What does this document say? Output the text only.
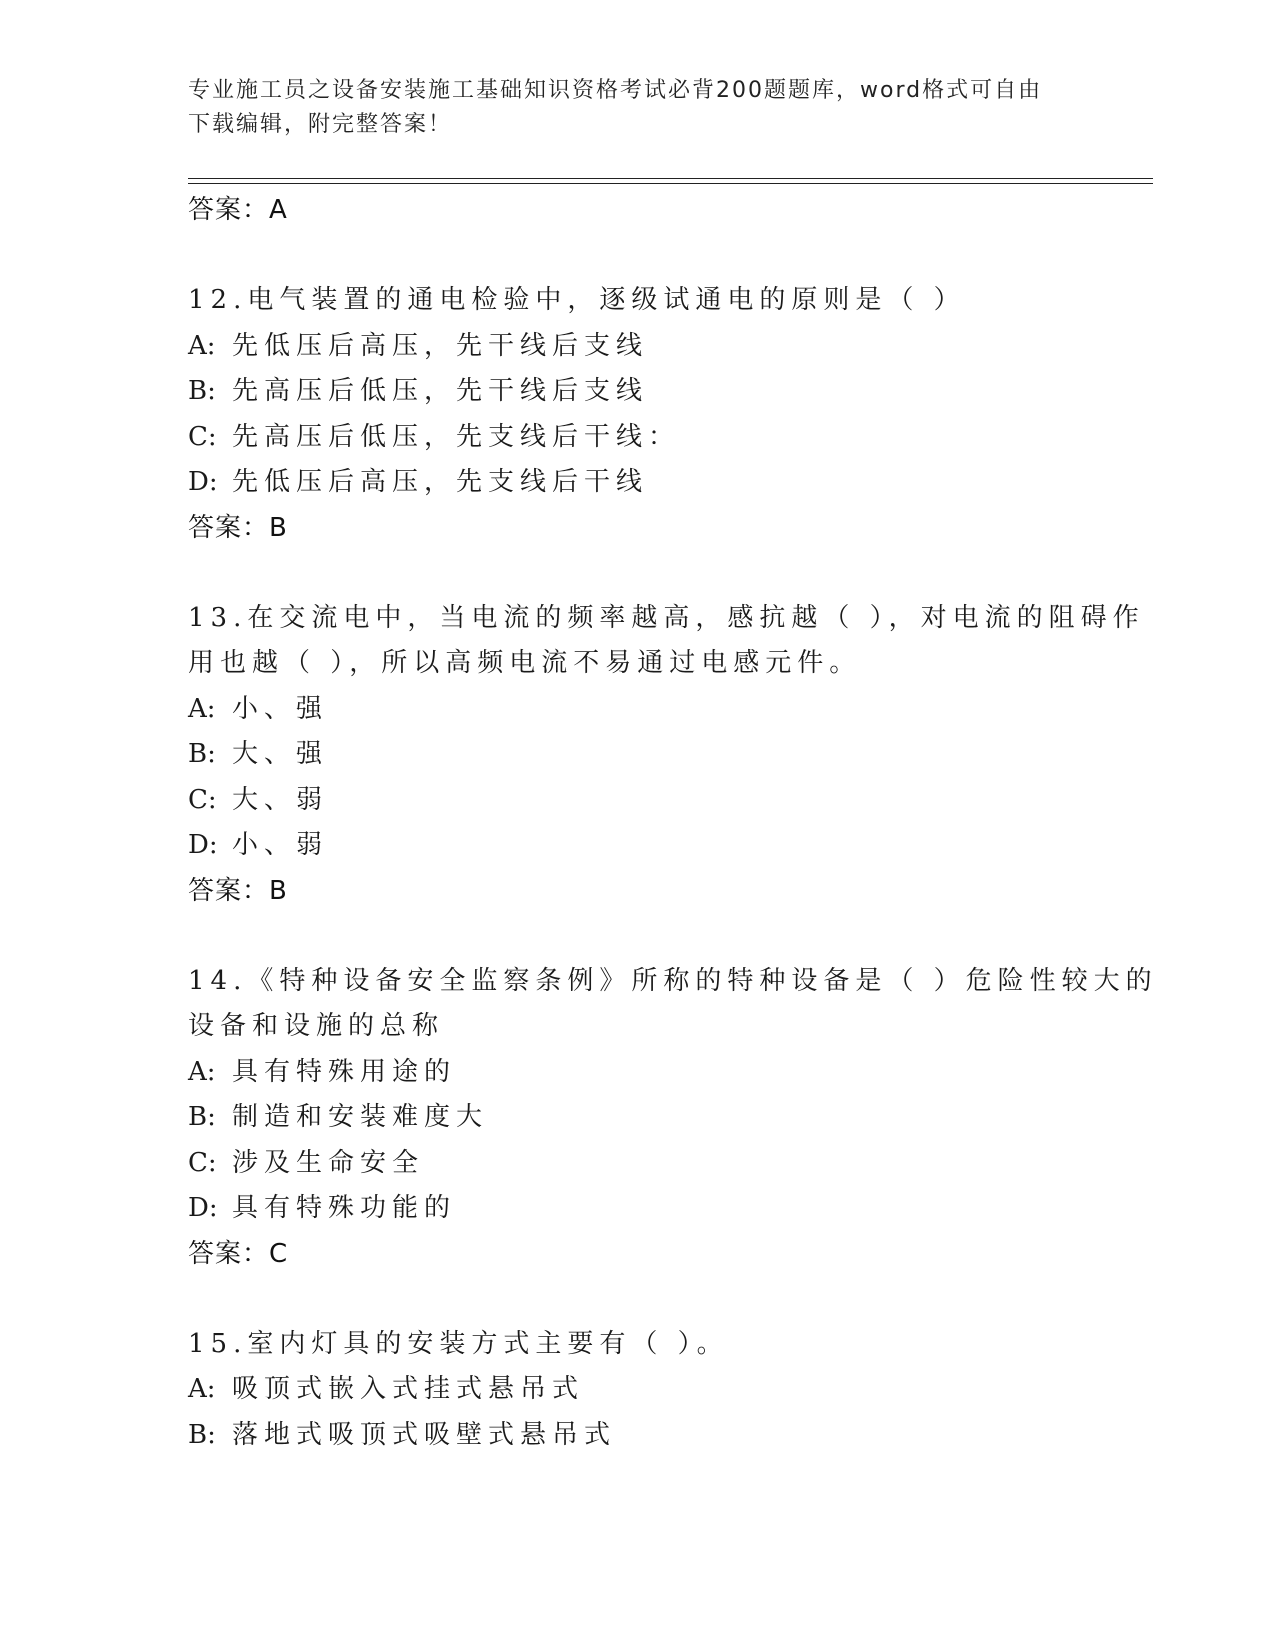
专业施工员之设备安装施工基础知识资格考试必背200题题库，word格式可自由
下载编辑，附完整答案！
答案：A
12.电气装置的通电检验中，逐级试通电的原则是（ ）
A: 先低压后高压，先干线后支线
B: 先高压后低压，先干线后支线
C: 先高压后低压，先支线后干线：
D: 先低压后高压，先支线后干线
答案：B
13.在交流电中，当电流的频率越高，感抗越（ ），对电流的阻碍作
用也越（ ），所以高频电流不易通过电感元件。
A: 小、强
B: 大、强
C: 大、弱
D: 小、弱
答案：B
14.《特种设备安全监察条例》所称的特种设备是（ ）危险性较大的
设备和设施的总称
A: 具有特殊用途的
B: 制造和安装难度大
C: 涉及生命安全
D: 具有特殊功能的
答案：C
15.室内灯具的安装方式主要有（ ）。
A: 吸顶式嵌入式挂式悬吊式
B: 落地式吸顶式吸壁式悬吊式
